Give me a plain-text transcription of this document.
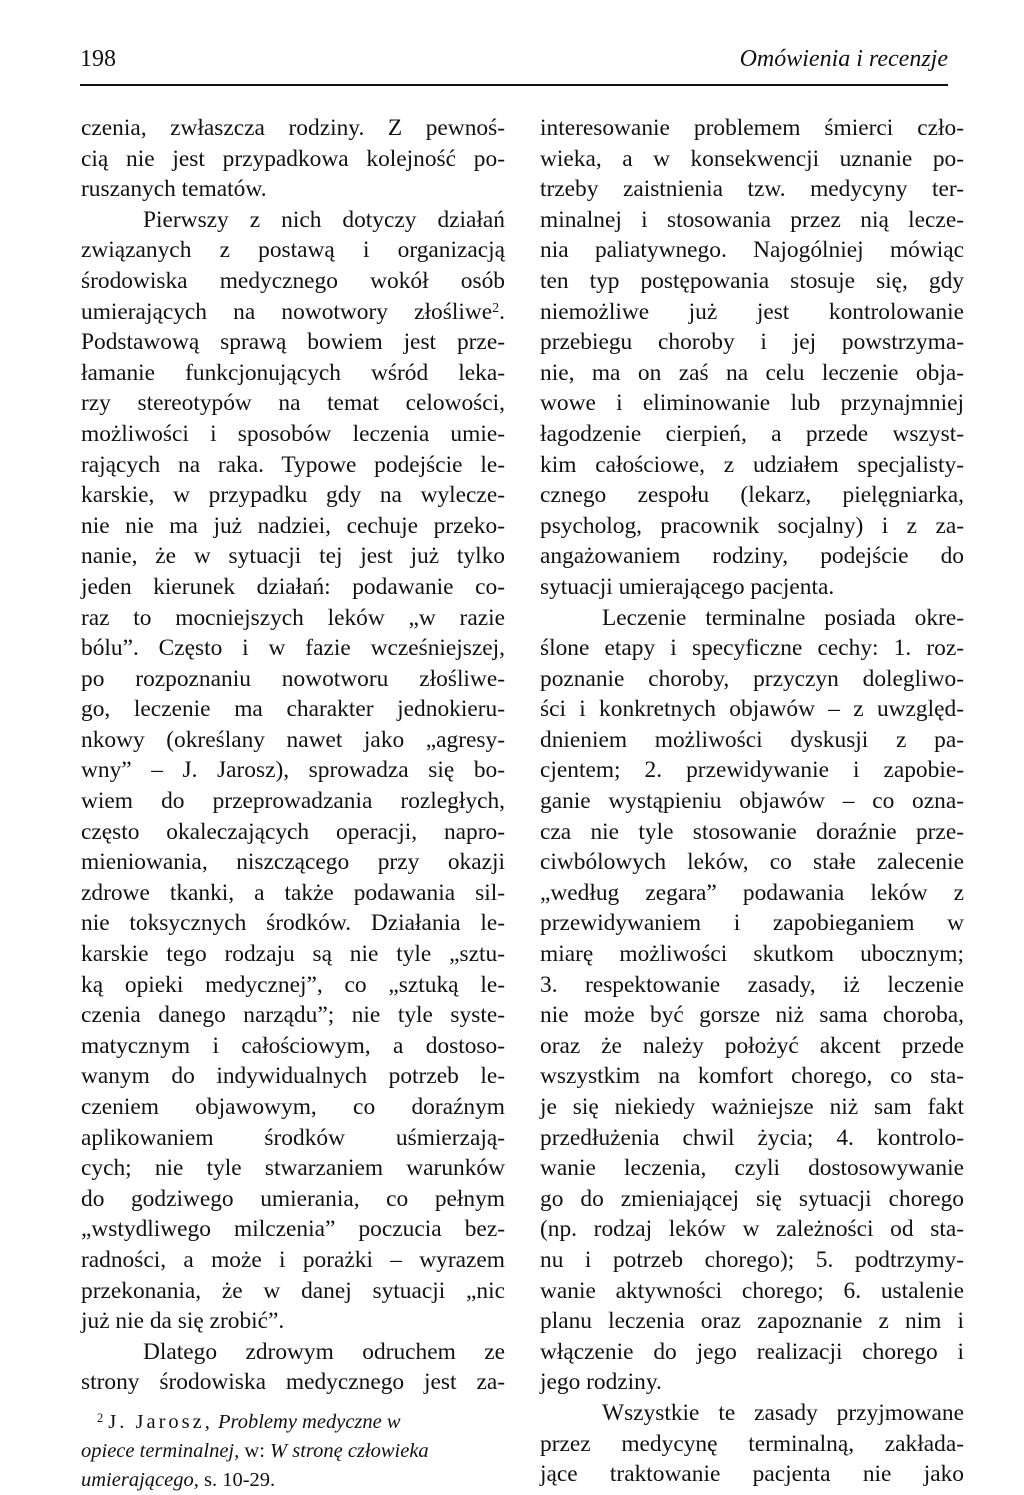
198	Omówienia i recenzje
czenia, zwłaszcza rodziny. Z pewnoś-
cią nie jest przypadkowa kolejność po-
ruszanych tematów.
Pierwszy z nich dotyczy działań
związanych z postawą i organizacją
środowiska medycznego wokół osób
umierających na nowotwory złośliwe$^2$.
Podstawową sprawą bowiem jest prze-
łamanie funkcjonujących wśród leka-
rzy stereotypów na temat celowości,
możliwości i sposobów leczenia umie-
rających na raka. Typowe podejście le-
karskie, w przypadku gdy na wylecze-
nie nie ma już nadziei, cechuje przeko-
nanie, że w sytuacji tej jest już tylko
jeden kierunek działań: podawanie co-
raz to mocniejszych leków „w razie
bólu”. Często i w fazie wcześniejszej,
po rozpoznaniu nowotworu złośliwe-
go, leczenie ma charakter jednokieru-
nkowy (określany nawet jako „agresy-
wny” – J. Jarosz), sprowadza się bo-
wiem do przeprowadzania rozległych,
często okaleczających operacji, napro-
mieniowania, niszczącego przy okazji
zdrowe tkanki, a także podawania sil-
nie toksycznych środków. Działania le-
karskie tego rodzaju są nie tyle „sztu-
ką opieki medycznej”, co „sztuką le-
czenia danego narządu”; nie tyle syste-
matycznym i całościowym, a dostoso-
wanym do indywidualnych potrzeb le-
czeniem objawowym, co doraźnym
aplikowaniem środków uśmierzają-
cych; nie tyle stwarzaniem warunków
do godziwego umierania, co pełnym
„wstydliwego milczenia” poczucia bez-
radności, a może i porażki – wyrazem
przekonania, że w danej sytuacji „nic
już nie da się zrobić”.
Dlatego zdrowym odruchem ze
strony środowiska medycznego jest za-
$^2$ J. Jarosz, Problemy medyczne w
opiece terminalnej, w: W stronę człowieka
umierającego, s. 10-29.
interesowanie problemem śmierci czło-
wieka, a w konsekwencji uznanie po-
trzeby zaistnienia tzw. medycyny ter-
minalnej i stosowania przez nią lecze-
nia paliatywnego. Najogólniej mówiąc
ten typ postępowania stosuje się, gdy
niemożliwe już jest kontrolowanie
przebiegu choroby i jej powstrzyma-
nie, ma on zaś na celu leczenie obja-
wowe i eliminowanie lub przynajmniej
łagodzenie cierpień, a przede wszyst-
kim całościowe, z udziałem specjalisty-
cznego zespołu (lekarz, pielęgniarka,
psycholog, pracownik socjalny) i z za-
angażowaniem rodziny, podejście do
sytuacji umierającego pacjenta.
Leczenie terminalne posiada okre-
ślone etapy i specyficzne cechy: 1. roz-
poznanie choroby, przyczyn dolegliwo-
ści i konkretnych objawów – z uwzględ-
dnieniem możliwości dyskusji z pa-
cjentem; 2. przewidywanie i zapobie-
ganie wystąpieniu objawów – co ozna-
cza nie tyle stosowanie doraźnie prze-
ciwbólowych leków, co stałe zalecenie
„według zegara” podawania leków z
przewidywaniem i zapobieganiem w
miarę możliwości skutkom ubocznym;
3. respektowanie zasady, iż leczenie
nie może być gorsze niż sama choroba,
oraz że należy położyć akcent przede
wszystkim na komfort chorego, co sta-
je się niekiedy ważniejsze niż sam fakt
przedłużenia chwil życia; 4. kontrolo-
wanie leczenia, czyli dostosowywanie
go do zmieniającej się sytuacji chorego
(np. rodzaj leków w zależności od sta-
nu i potrzeb chorego); 5. podtrzymy-
wanie aktywności chorego; 6. ustalenie
planu leczenia oraz zapoznanie z nim i
włączenie do jego realizacji chorego i
jego rodziny.
Wszystkie te zasady przyjmowane
przez medycynę terminalną, zakłada-
jące traktowanie pacjenta nie jako
